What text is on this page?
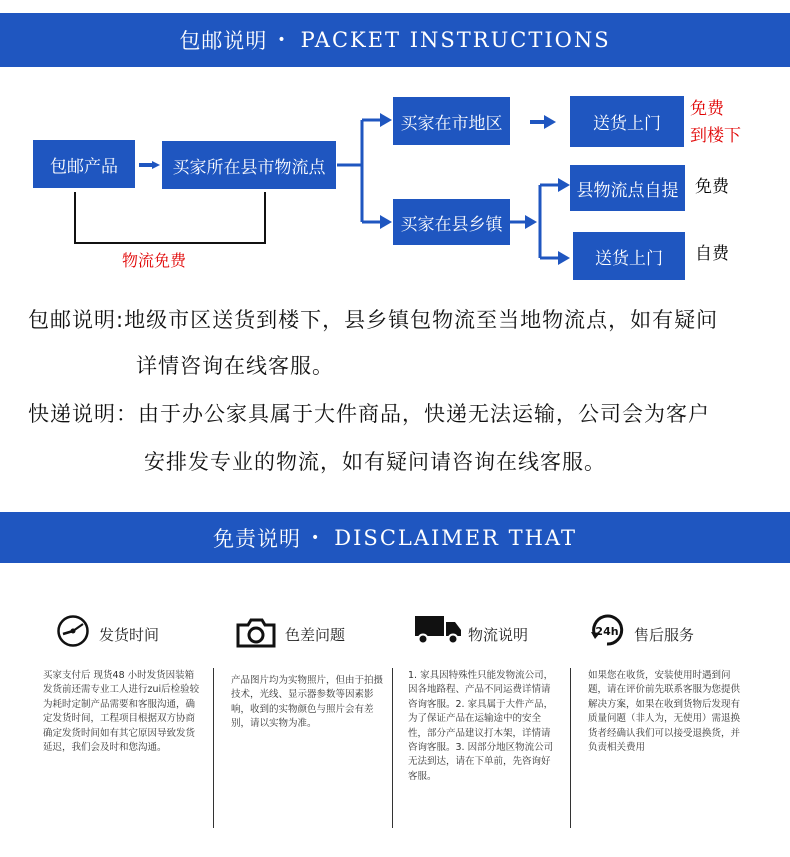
包邮说明 • PACKET INSTRUCTIONS
包邮产品	买家所在县市物流点
买家在市地区
买家在县乡镇
送货上门
县物流点自提
送货上门
免费
到楼下
免费
自费
物流免费
包邮说明:地级市区送货到楼下，县乡镇包物流至当地物流点，如有疑问
详情咨询在线客服。
快递说明：由于办公家具属于大件商品，快递无法运输，公司会为客户
安排发专业的物流，如有疑问请咨询在线客服。
免责说明 • DISCLAIMER THAT
24h
发货时间	色差问题	物流说明	售后服务
买家支付后 现货48 小时发货因装箱发货前还需专业工人进行zui后检验较为耗时定制产品需要和客服沟通，确定发货时间，工程项目根据双方协商确定发货时间如有其它原因导致发货延迟，我们会及时和您沟通。
产品图片均为实物照片，但由于拍摄技术，光线、显示器参数等因素影响，收到的实物颜色与照片会有差别，请以实物为准。
1. 家具因特殊性只能发物流公司，因各地路程、产品不同运费详情请咨询客服。2. 家具属于大件产品，为了保证产品在运输途中的安全性，部分产品建议打木架，详情请咨询客服。3. 因部分地区物流公司无法到达，请在下单前，先咨询好客服。
如果您在收货，安装使用时遇到问题，请在评价前先联系客服为您提供解决方案，如果在收到货物后发现有质量问题（非人为，无使用）需退换货者经确认我们可以接受退换货，并负责相关费用
